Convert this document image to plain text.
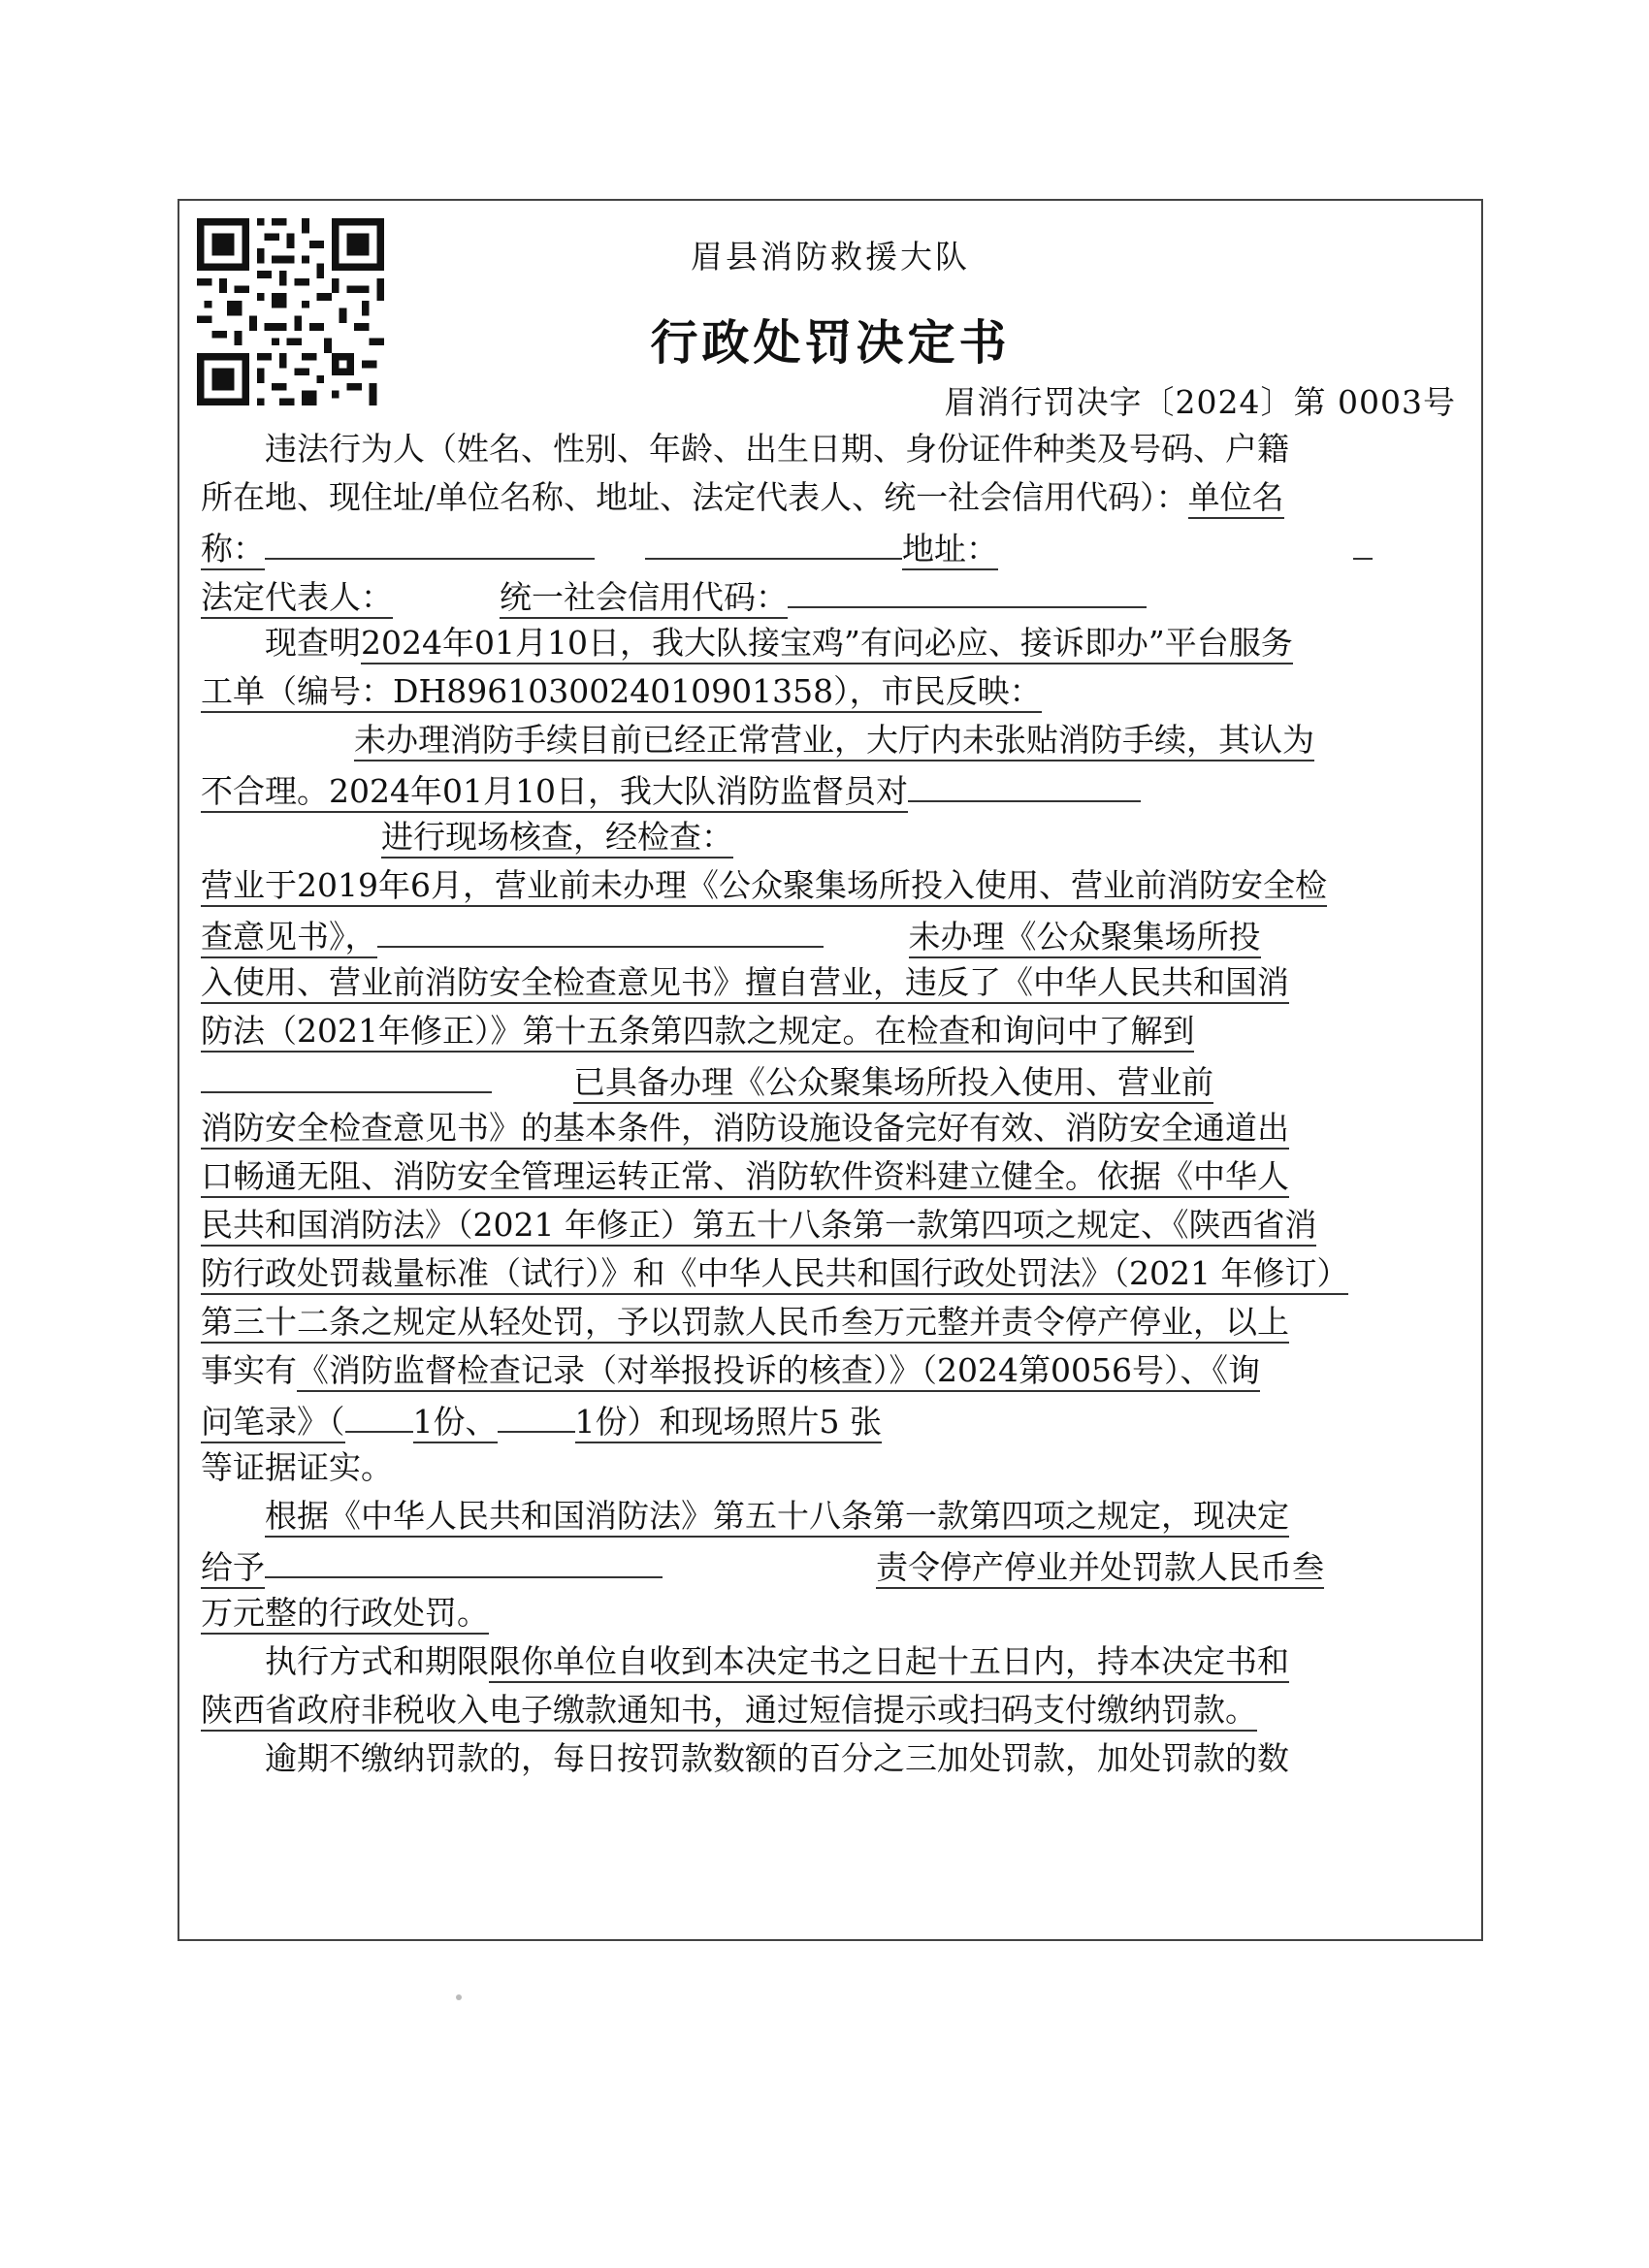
眉县消防救援大队
行政处罚决定书
眉消行罚决字〔2024〕第 0003号
违法行为人（姓名、性别、年龄、出生日期、身份证件种类及号码、户籍
所在地、现住址/单位名称、地址、法定代表人、统一社会信用代码）：单位名
称：	地址：
法定代表人：	统一社会信用代码：
现查明2024年01月10日，我大队接宝鸡”有问必应、接诉即办”平台服务
工单（编号：DH8961030024010901358），市民反映：
未办理消防手续目前已经正常营业，大厅内未张贴消防手续，其认为
不合理。2024年01月10日，我大队消防监督员对
进行现场核查，经检查：
营业于2019年6月，营业前未办理《公众聚集场所投入使用、营业前消防安全检
查意见书》，	未办理《公众聚集场所投
入使用、营业前消防安全检查意见书》擅自营业，违反了《中华人民共和国消
防法（2021年修正）》第十五条第四款之规定。在检查和询问中了解到
已具备办理《公众聚集场所投入使用、营业前
消防安全检查意见书》的基本条件，消防设施设备完好有效、消防安全通道出
口畅通无阻、消防安全管理运转正常、消防软件资料建立健全。依据《中华人
民共和国消防法》（2021 年修正）第五十八条第一款第四项之规定、《陕西省消
防行政处罚裁量标准（试行）》和《中华人民共和国行政处罚法》（2021 年修订）
第三十二条之规定从轻处罚，予以罚款人民币叁万元整并责令停产停业，以上
事实有《消防监督检查记录（对举报投诉的核查）》（2024第0056号）、《询
问笔录》（ 1份、 1份）和现场照片5 张
等证据证实。
根据《中华人民共和国消防法》第五十八条第一款第四项之规定，现决定
给予	责令停产停业并处罚款人民币叁
万元整的行政处罚。
执行方式和期限限你单位自收到本决定书之日起十五日内，持本决定书和
陕西省政府非税收入电子缴款通知书，通过短信提示或扫码支付缴纳罚款。
逾期不缴纳罚款的，每日按罚款数额的百分之三加处罚款，加处罚款的数
